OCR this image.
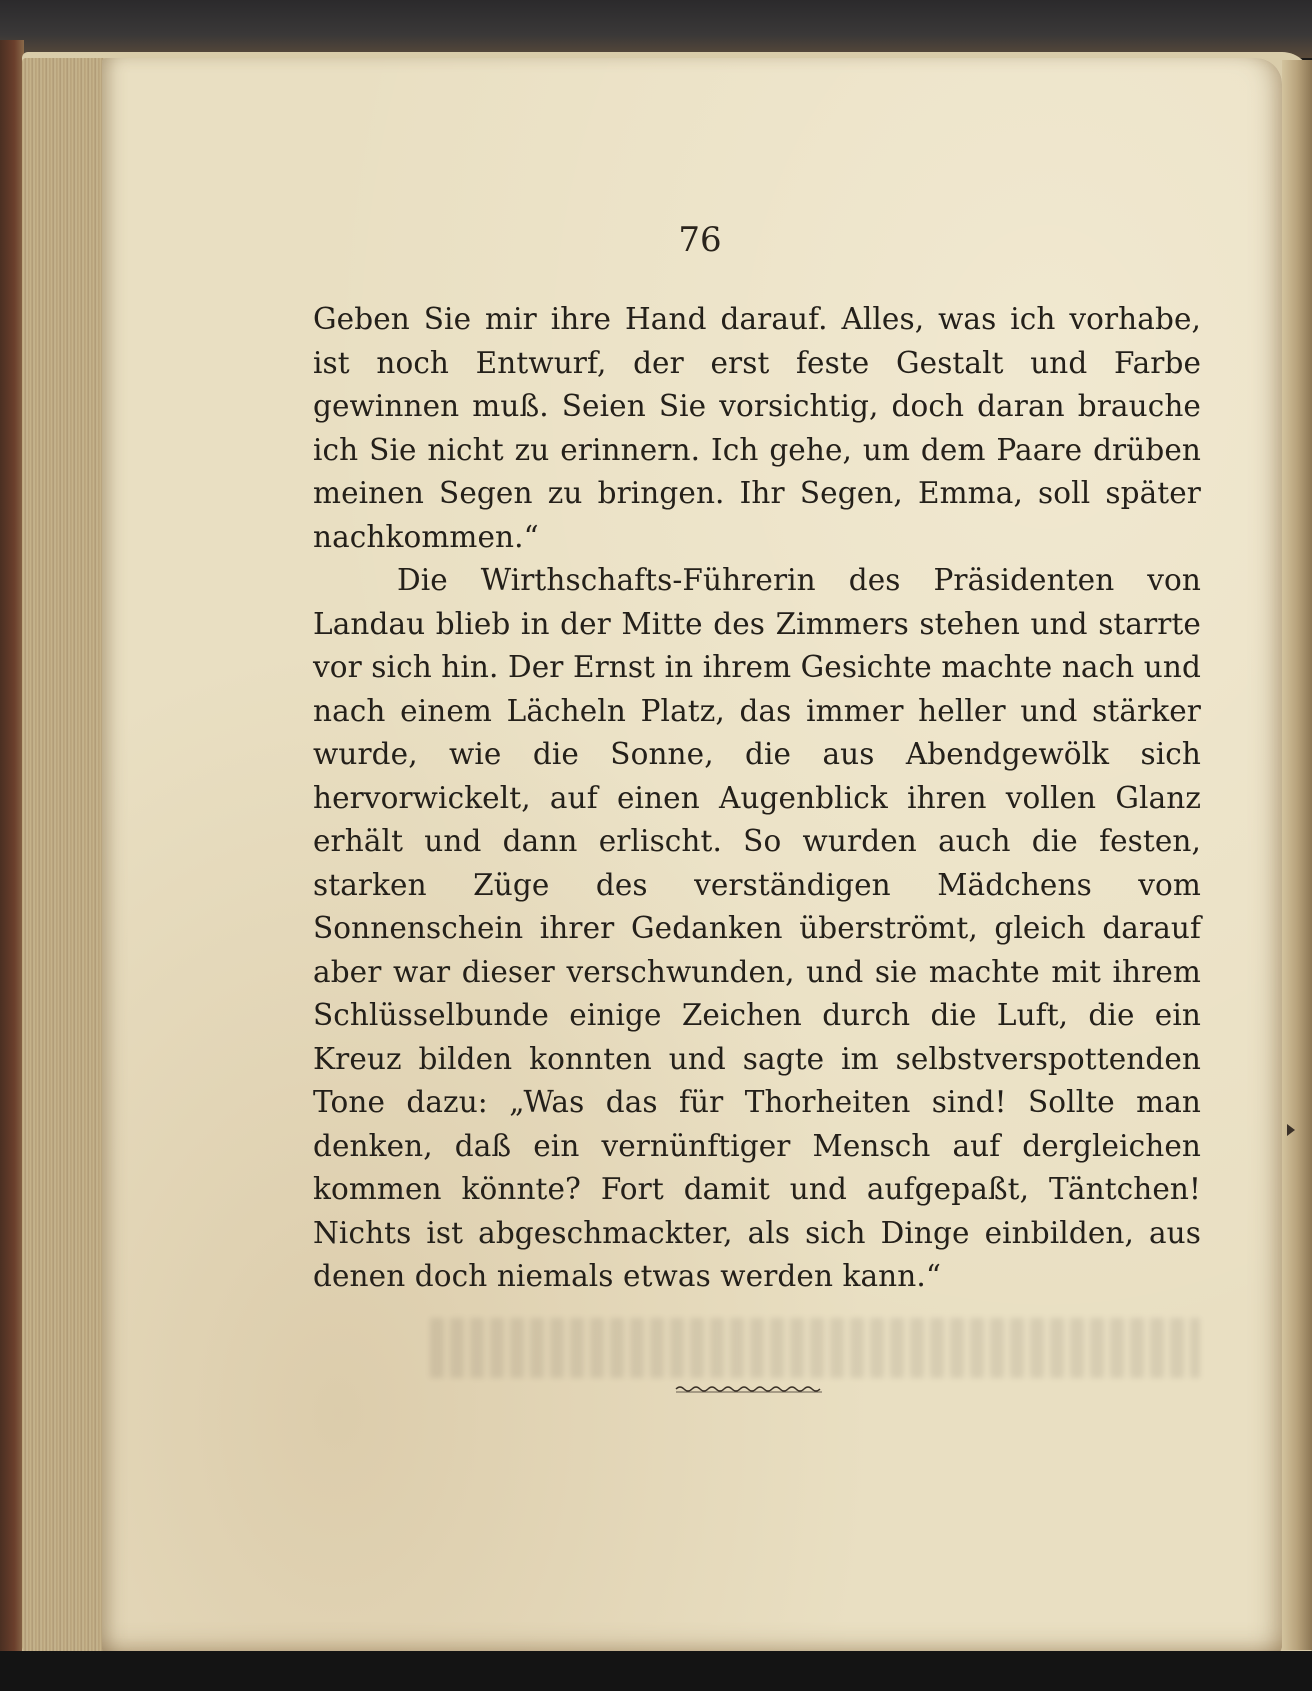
76

Geben Sie mir ihre Hand darauf. Alles, was ich vorhabe, ist noch Entwurf, der erst feste Gestalt und Farbe gewinnen muß. Seien Sie vorsichtig, doch daran brauche ich Sie nicht zu erinnern. Ich gehe, um dem Paare drüben meinen Segen zu bringen. Ihr Segen, Emma, soll später nachkommen.“

Die Wirthschafts-Führerin des Präsidenten von Landau blieb in der Mitte des Zimmers stehen und starrte vor sich hin. Der Ernst in ihrem Gesichte machte nach und nach einem Lächeln Platz, das immer heller und stärker wurde, wie die Sonne, die aus Abendgewölk sich hervorwickelt, auf einen Augenblick ihren vollen Glanz erhält und dann erlischt. So wurden auch die festen, starken Züge des verständigen Mädchens vom Sonnenschein ihrer Gedanken überströmt, gleich darauf aber war dieser verschwunden, und sie machte mit ihrem Schlüsselbunde einige Zeichen durch die Luft, die ein Kreuz bilden konnten und sagte im selbstverspottenden Tone dazu: „Was das für Thorheiten sind! Sollte man denken, daß ein vernünftiger Mensch auf dergleichen kommen könnte? Fort damit und aufgepaßt, Täntchen! Nichts ist abgeschmackter, als sich Dinge einbilden, aus denen doch niemals etwas werden kann.“
